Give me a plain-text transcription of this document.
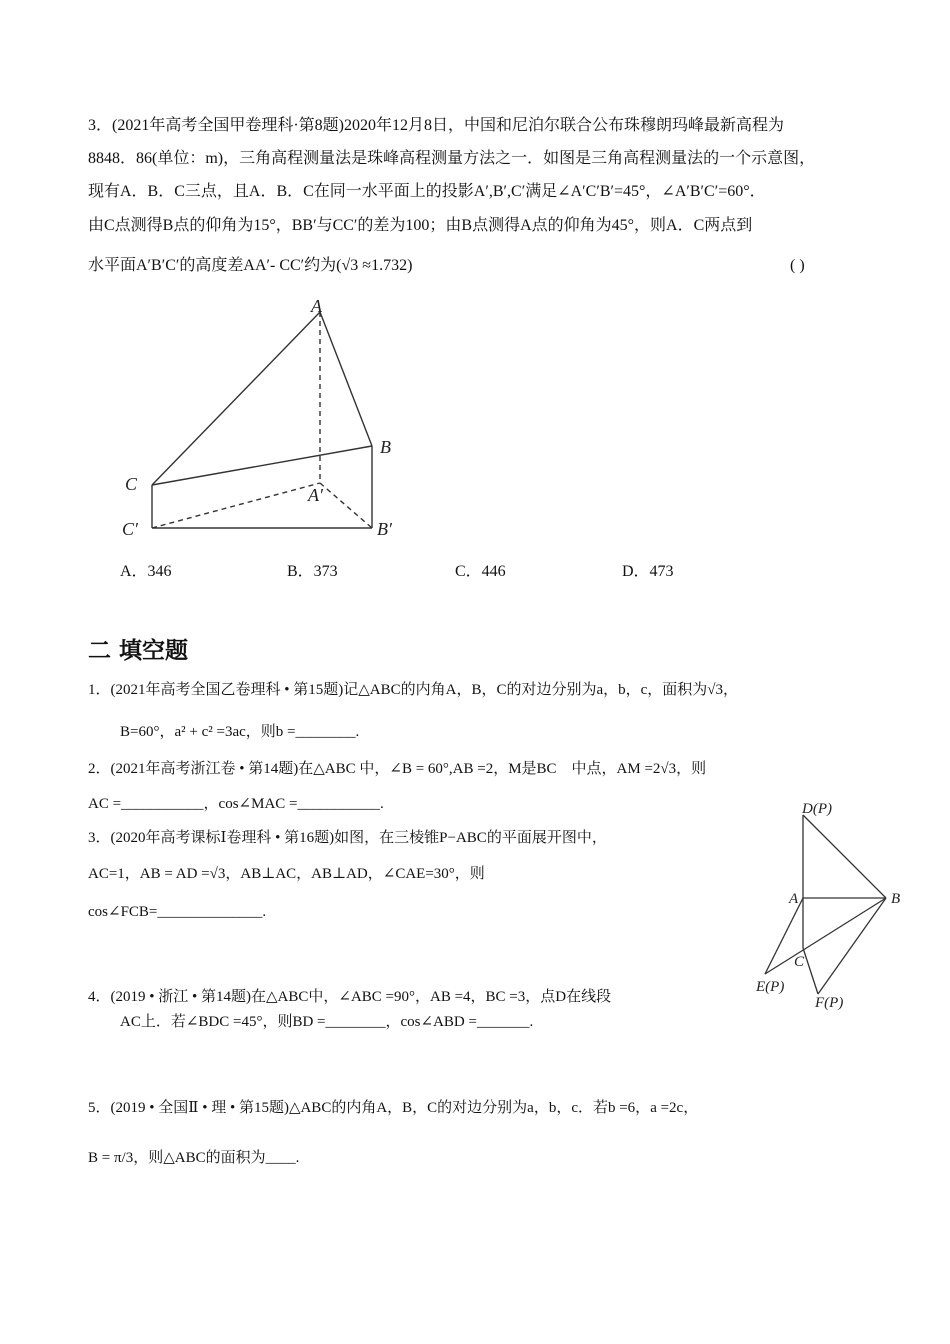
3．(2021年高考全国甲卷理科·第8题)2020年12月8日，中国和尼泊尔联合公布珠穆朗玛峰最新高程为
8848．86(单位：m)，三角高程测量法是珠峰高程测量方法之一．如图是三角高程测量法的一个示意图，
现有A．B．C三点，且A．B．C在同一水平面上的投影A′,B′,C′满足∠A′C′B′=45°，∠A′B′C′=60°．
由C点测得B点的仰角为15°，BB′与CC′的差为100；由B点测得A点的仰角为45°，则A．C两点到
水平面A′B′C′的高度差AA′- CC′约为(√3 ≈1.732)	( )
A
B
C
A′
C′	B′
D(P)
A	B
C
E(P)
F(P)
A．346	B．373	C．446	D．473
二 填空题
1．(2021年高考全国乙卷理科 • 第15题)记△ABC的内角A，B，C的对边分别为a，b，c，面积为√3，
B=60°，a² + c² =3ac，则b =________.
2．(2021年高考浙江卷 • 第14题)在△ABC 中，∠B = 60°,AB =2，M是BC　中点，AM =2√3，则
AC =___________，cos∠MAC =___________.
3．(2020年高考课标Ⅰ卷理科 • 第16题)如图，在三棱锥P−ABC的平面展开图中，
AC=1，AB = AD =√3，AB⊥AC，AB⊥AD，∠CAE=30°，则
cos∠FCB=______________.
4．(2019 • 浙江 • 第14题)在△ABC中，∠ABC =90°，AB =4，BC =3，点D在线段
AC上．若∠BDC =45°，则BD =________，cos∠ABD =_______.
5．(2019 • 全国Ⅱ • 理 • 第15题)△ABC的内角A，B，C的对边分别为a，b，c．若b =6，a =2c，
B = π/3，则△ABC的面积为____.
